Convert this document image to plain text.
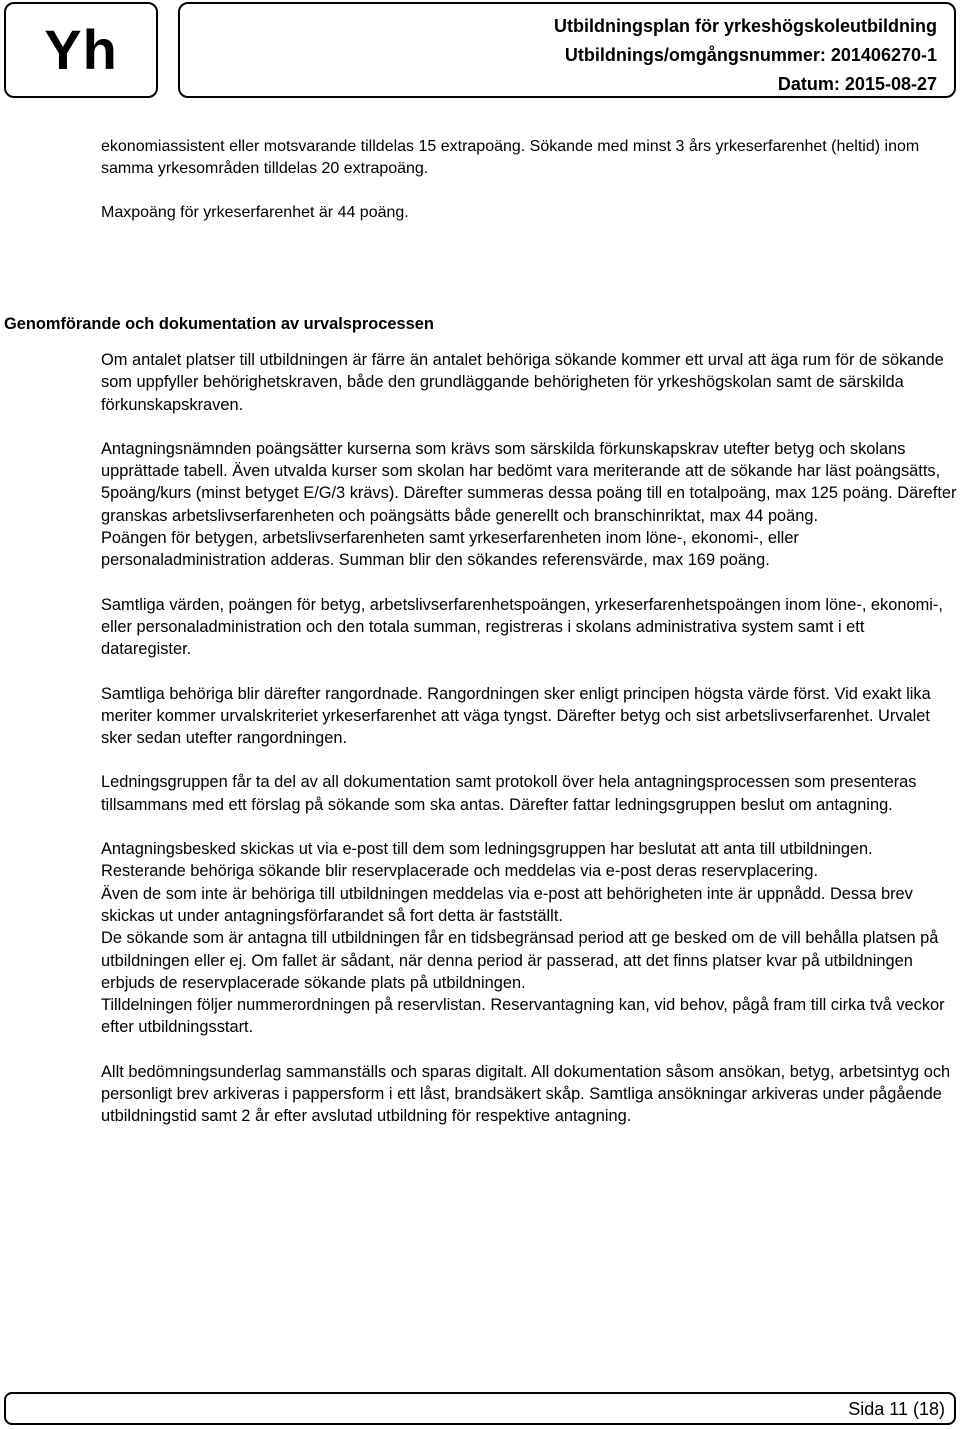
Yh	Utbildningsplan för yrkeshögskoleutbildning
Utbildnings/omgångsnummer: 201406270-1
Datum: 2015-08-27

ekonomiassistent eller motsvarande tilldelas 15 extrapoäng. Sökande med minst 3 års yrkeserfarenhet (heltid) inom samma yrkesområden tilldelas 20 extrapoäng.

Maxpoäng för yrkeserfarenhet är 44 poäng.

Genomförande och dokumentation av urvalsprocessen

Om antalet platser till utbildningen är färre än antalet behöriga sökande kommer ett urval att äga rum för de sökande som uppfyller behörighetskraven, både den grundläggande behörigheten för yrkeshögskolan samt de särskilda förkunskapskraven.

Antagningsnämnden poängsätter kurserna som krävs som särskilda förkunskapskrav utefter betyg och skolans upprättade tabell. Även utvalda kurser som skolan har bedömt vara meriterande att de sökande har läst poängsätts, 5poäng/kurs (minst betyget E/G/3 krävs). Därefter summeras dessa poäng till en totalpoäng, max 125 poäng. Därefter granskas arbetslivserfarenheten och poängsätts både generellt och branschinriktat, max 44 poäng.

Poängen för betygen, arbetslivserfarenheten samt yrkeserfarenheten inom löne-, ekonomi-, eller personaladministration adderas. Summan blir den sökandes referensvärde, max 169 poäng.

Samtliga värden, poängen för betyg, arbetslivserfarenhetspoängen, yrkeserfarenhetspoängen inom löne-, ekonomi-, eller personaladministration och den totala summan, registreras i skolans administrativa system samt i ett dataregister.

Samtliga behöriga blir därefter rangordnade. Rangordningen sker enligt principen högsta värde först. Vid exakt lika meriter kommer urvalskriteriet yrkeserfarenhet att väga tyngst. Därefter betyg och sist arbetslivserfarenhet. Urvalet sker sedan utefter rangordningen.

Ledningsgruppen får ta del av all dokumentation samt protokoll över hela antagningsprocessen som presenteras tillsammans med ett förslag på sökande som ska antas. Därefter fattar ledningsgruppen beslut om antagning.

Antagningsbesked skickas ut via e-post till dem som ledningsgruppen har beslutat att anta till utbildningen. Resterande behöriga sökande blir reservplacerade och meddelas via e-post deras reservplacering.

Även de som inte är behöriga till utbildningen meddelas via e-post att behörigheten inte är uppnådd. Dessa brev skickas ut under antagningsförfarandet så fort detta är fastställt.

De sökande som är antagna till utbildningen får en tidsbegränsad period att ge besked om de vill behålla platsen på utbildningen eller ej. Om fallet är sådant, när denna period är passerad, att det finns platser kvar på utbildningen erbjuds de reservplacerade sökande plats på utbildningen.

Tilldelningen följer nummerordningen på reservlistan. Reservantagning kan, vid behov, pågå fram till cirka två veckor efter utbildningsstart.

Allt bedömningsunderlag sammanställs och sparas digitalt. All dokumentation såsom ansökan, betyg, arbetsintyg och personligt brev arkiveras i pappersform i ett låst, brandsäkert skåp. Samtliga ansökningar arkiveras under pågående utbildningstid samt 2 år efter avslutad utbildning för respektive antagning.

Sida 11 (18)
